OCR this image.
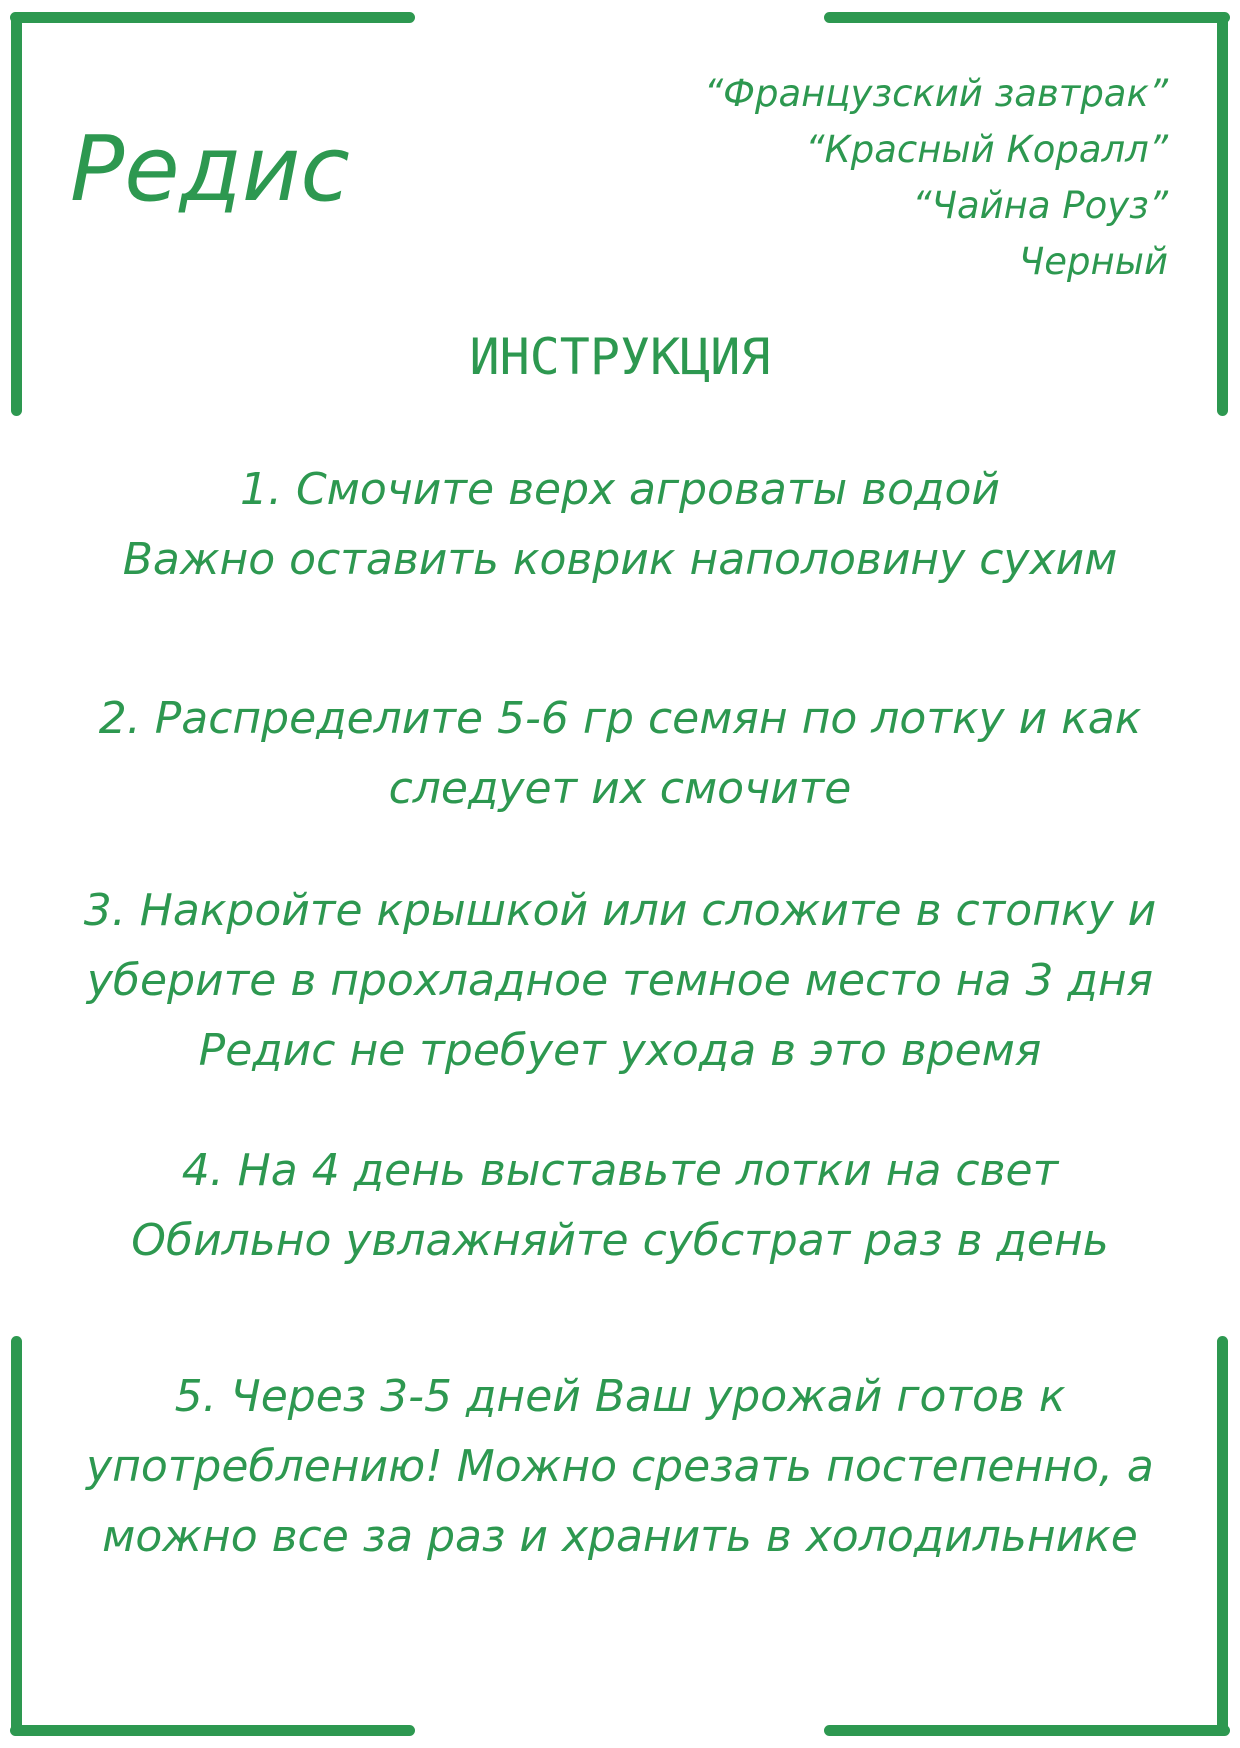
Редис
“Французский завтрак”
“Красный Коралл”
“Чайна Роуз”
Черный
ИНСТРУКЦИЯ

1. Смочите верх агроваты водой
Важно оставить коврик наполовину сухим

2. Распределите 5-6 гр семян по лотку и как
следует их смочите

3. Накройте крышкой или сложите в стопку и
уберите в прохладное темное место на 3 дня
Редис не требует ухода в это время

4. На 4 день выставьте лотки на свет
Обильно увлажняйте субстрат раз в день

5. Через 3-5 дней Ваш урожай готов к
употреблению! Можно срезать постепенно, а
можно все за раз и хранить в холодильнике
